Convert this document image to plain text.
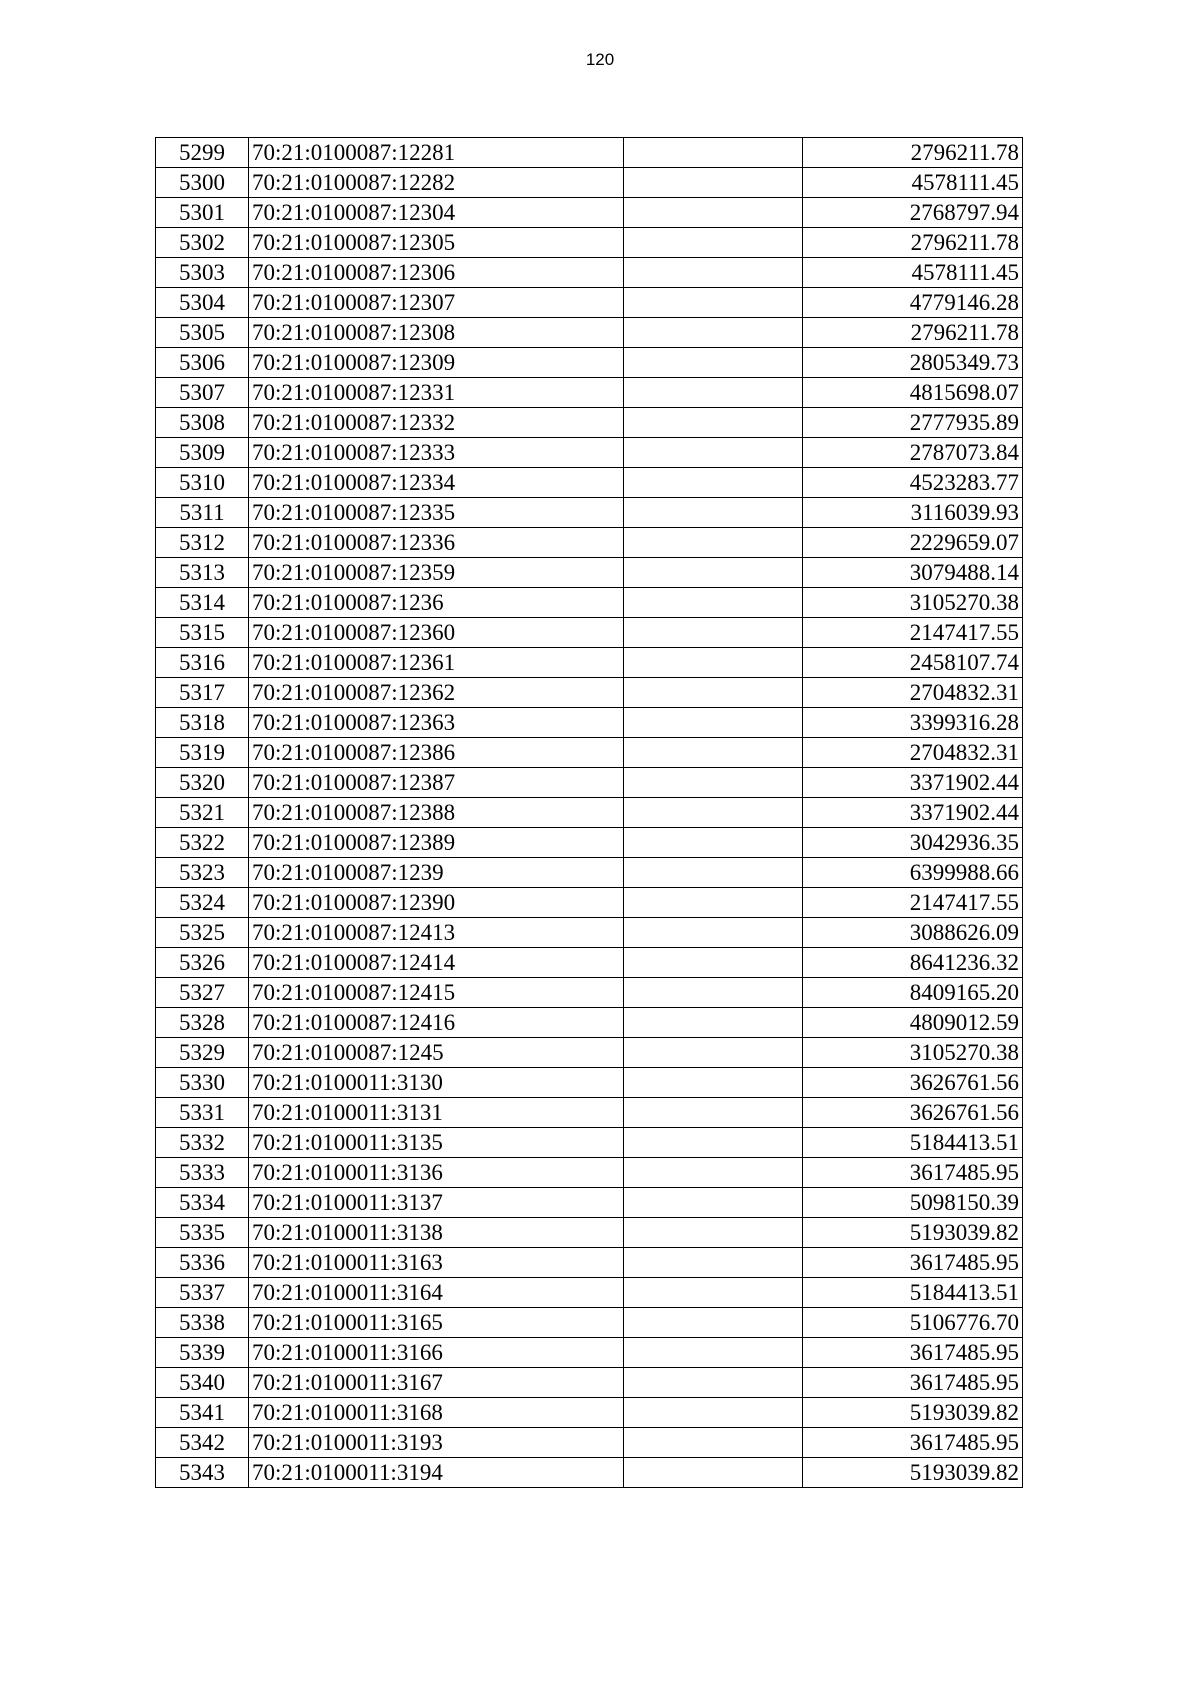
120
5299	70:21:0100087:12281		2796211.78
5300	70:21:0100087:12282		4578111.45
5301	70:21:0100087:12304		2768797.94
5302	70:21:0100087:12305		2796211.78
5303	70:21:0100087:12306		4578111.45
5304	70:21:0100087:12307		4779146.28
5305	70:21:0100087:12308		2796211.78
5306	70:21:0100087:12309		2805349.73
5307	70:21:0100087:12331		4815698.07
5308	70:21:0100087:12332		2777935.89
5309	70:21:0100087:12333		2787073.84
5310	70:21:0100087:12334		4523283.77
5311	70:21:0100087:12335		3116039.93
5312	70:21:0100087:12336		2229659.07
5313	70:21:0100087:12359		3079488.14
5314	70:21:0100087:1236		3105270.38
5315	70:21:0100087:12360		2147417.55
5316	70:21:0100087:12361		2458107.74
5317	70:21:0100087:12362		2704832.31
5318	70:21:0100087:12363		3399316.28
5319	70:21:0100087:12386		2704832.31
5320	70:21:0100087:12387		3371902.44
5321	70:21:0100087:12388		3371902.44
5322	70:21:0100087:12389		3042936.35
5323	70:21:0100087:1239		6399988.66
5324	70:21:0100087:12390		2147417.55
5325	70:21:0100087:12413		3088626.09
5326	70:21:0100087:12414		8641236.32
5327	70:21:0100087:12415		8409165.20
5328	70:21:0100087:12416		4809012.59
5329	70:21:0100087:1245		3105270.38
5330	70:21:0100011:3130		3626761.56
5331	70:21:0100011:3131		3626761.56
5332	70:21:0100011:3135		5184413.51
5333	70:21:0100011:3136		3617485.95
5334	70:21:0100011:3137		5098150.39
5335	70:21:0100011:3138		5193039.82
5336	70:21:0100011:3163		3617485.95
5337	70:21:0100011:3164		5184413.51
5338	70:21:0100011:3165		5106776.70
5339	70:21:0100011:3166		3617485.95
5340	70:21:0100011:3167		3617485.95
5341	70:21:0100011:3168		5193039.82
5342	70:21:0100011:3193		3617485.95
5343	70:21:0100011:3194		5193039.82
